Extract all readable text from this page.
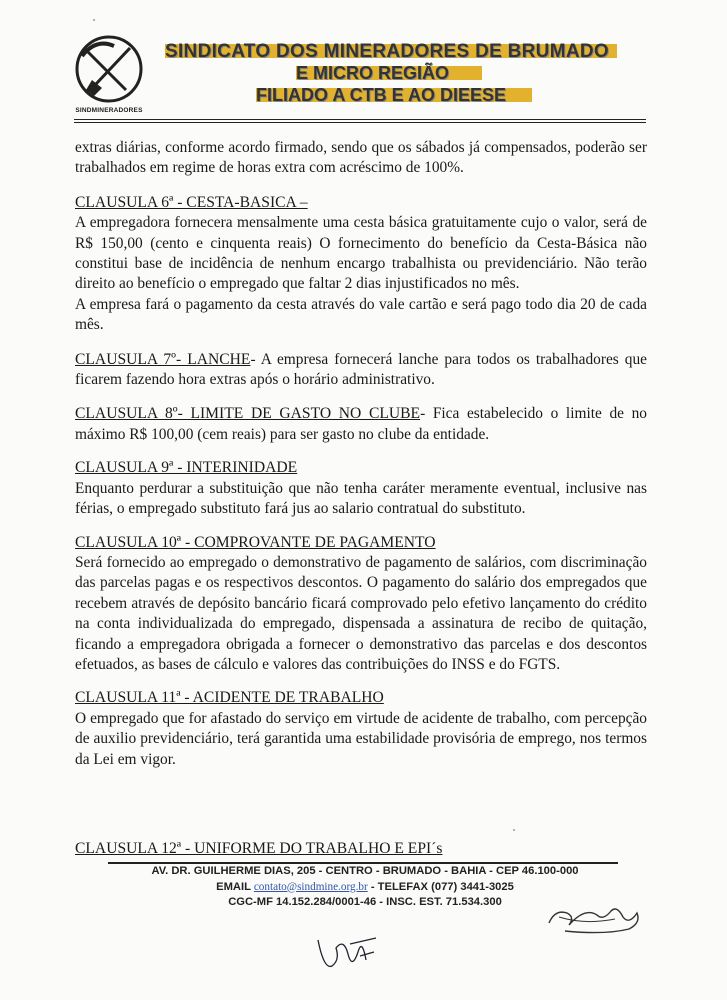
SINDMINERADORES
SINDICATO DOS MINERADORES DE BRUMADO
E MICRO REGIÃO
FILIADO A CTB E AO DIEESE

extras diárias, conforme acordo firmado, sendo que os sábados já compensados, poderão ser trabalhados em regime de horas extra com acréscimo de 100%.

CLAUSULA 6ª - CESTA-BASICA –

A empregadora fornecera mensalmente uma cesta básica gratuitamente cujo o valor, será de R$ 150,00 (cento e cinquenta reais) O fornecimento do benefício da Cesta-Básica não constitui base de incidência de nenhum encargo trabalhista ou previdenciário. Não terão direito ao benefício o empregado que faltar 2 dias injustificados no mês.

A empresa fará o pagamento da cesta através do vale cartão e será pago todo dia 20 de cada mês.

CLAUSULA 7º- LANCHE- A empresa fornecerá lanche para todos os trabalhadores que ficarem fazendo hora extras após o horário administrativo.

CLAUSULA 8º- LIMITE DE GASTO NO CLUBE- Fica estabelecido o limite de no máximo R$ 100,00 (cem reais) para ser gasto no clube da entidade.

CLAUSULA 9ª - INTERINIDADE

Enquanto perdurar a substituição que não tenha caráter meramente eventual, inclusive nas férias, o empregado substituto fará jus ao salario contratual do substituto.

CLAUSULA 10ª - COMPROVANTE DE PAGAMENTO

Será fornecido ao empregado o demonstrativo de pagamento de salários, com discriminação das parcelas pagas e os respectivos descontos. O pagamento do salário dos empregados que recebem através de depósito bancário ficará comprovado pelo efetivo lançamento do crédito na conta individualizada do empregado, dispensada a assinatura de recibo de quitação, ficando a empregadora obrigada a fornecer o demonstrativo das parcelas e dos descontos efetuados, as bases de cálculo e valores das contribuições do INSS e do FGTS.

CLAUSULA 11ª - ACIDENTE DE TRABALHO

O empregado que for afastado do serviço em virtude de acidente de trabalho, com percepção de auxilio previdenciário, terá garantida uma estabilidade provisória de emprego, nos termos da Lei em vigor.

CLAUSULA 12ª - UNIFORME DO TRABALHO E EPI´s
AV. DR. GUILHERME DIAS, 205 - CENTRO - BRUMADO - BAHIA - CEP 46.100-000
EMAIL contato@sindmine.org.br - TELEFAX (077) 3441-3025
CGC-MF 14.152.284/0001-46 - INSC. EST. 71.534.300
